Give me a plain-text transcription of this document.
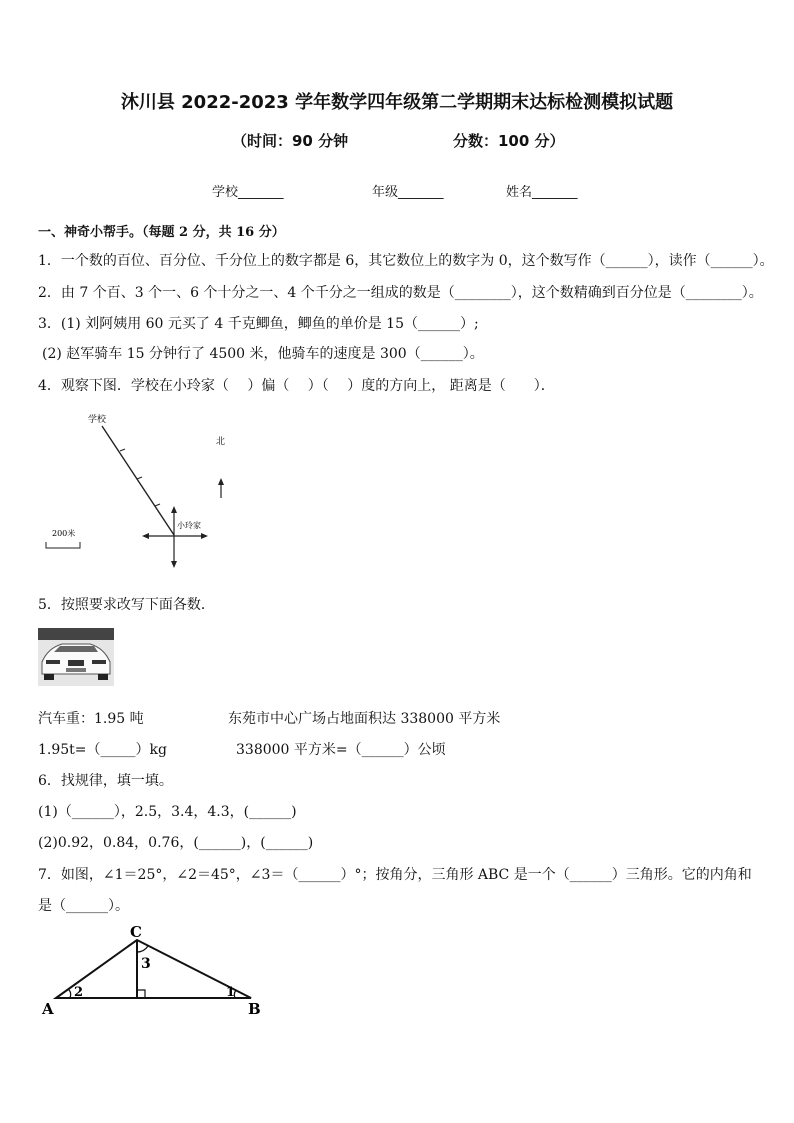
沐川县 2022-2023 学年数学四年级第二学期期末达标检测模拟试题
（时间：90 分钟	分数：100 分）
学校_______	年级_______	姓名_______
一、神奇小帮手。（每题 2 分，共 16 分）
1．一个数的百位、百分位、千分位上的数字都是 6，其它数位上的数字为 0，这个数写作（______），读作（______）。
2．由 7 个百、3 个一、6 个十分之一、4 个千分之一组成的数是（________），这个数精确到百分位是（________）。
3．(1) 刘阿姨用 60 元买了 4 千克鲫鱼，鲫鱼的单价是 15（______）;
(2) 赵军骑车 15 分钟行了 4500 米，他骑车的速度是 300（______）。
4．观察下图．学校在小玲家（　 ）偏（　 ）（　 ）度的方向上， 距离是（　　）．
学校
小玲家
北
200米
5．按照要求改写下面各数．
汽车重：1.95 吨	东苑市中心广场占地面积达 338000 平方米
1.95t=（_____）kg	338000 平方米=（______）公顷
6．找规律，填一填。
(1)（______），2.5，3.4，4.3，(______)
(2)0.92，0.84，0.76，(______)，(______)
7．如图，∠1＝25°，∠2＝45°，∠3＝（______）°；按角分，三角形 ABC 是一个（______）三角形。它的内角和
是（______）。
C
A	B
3
2	1
